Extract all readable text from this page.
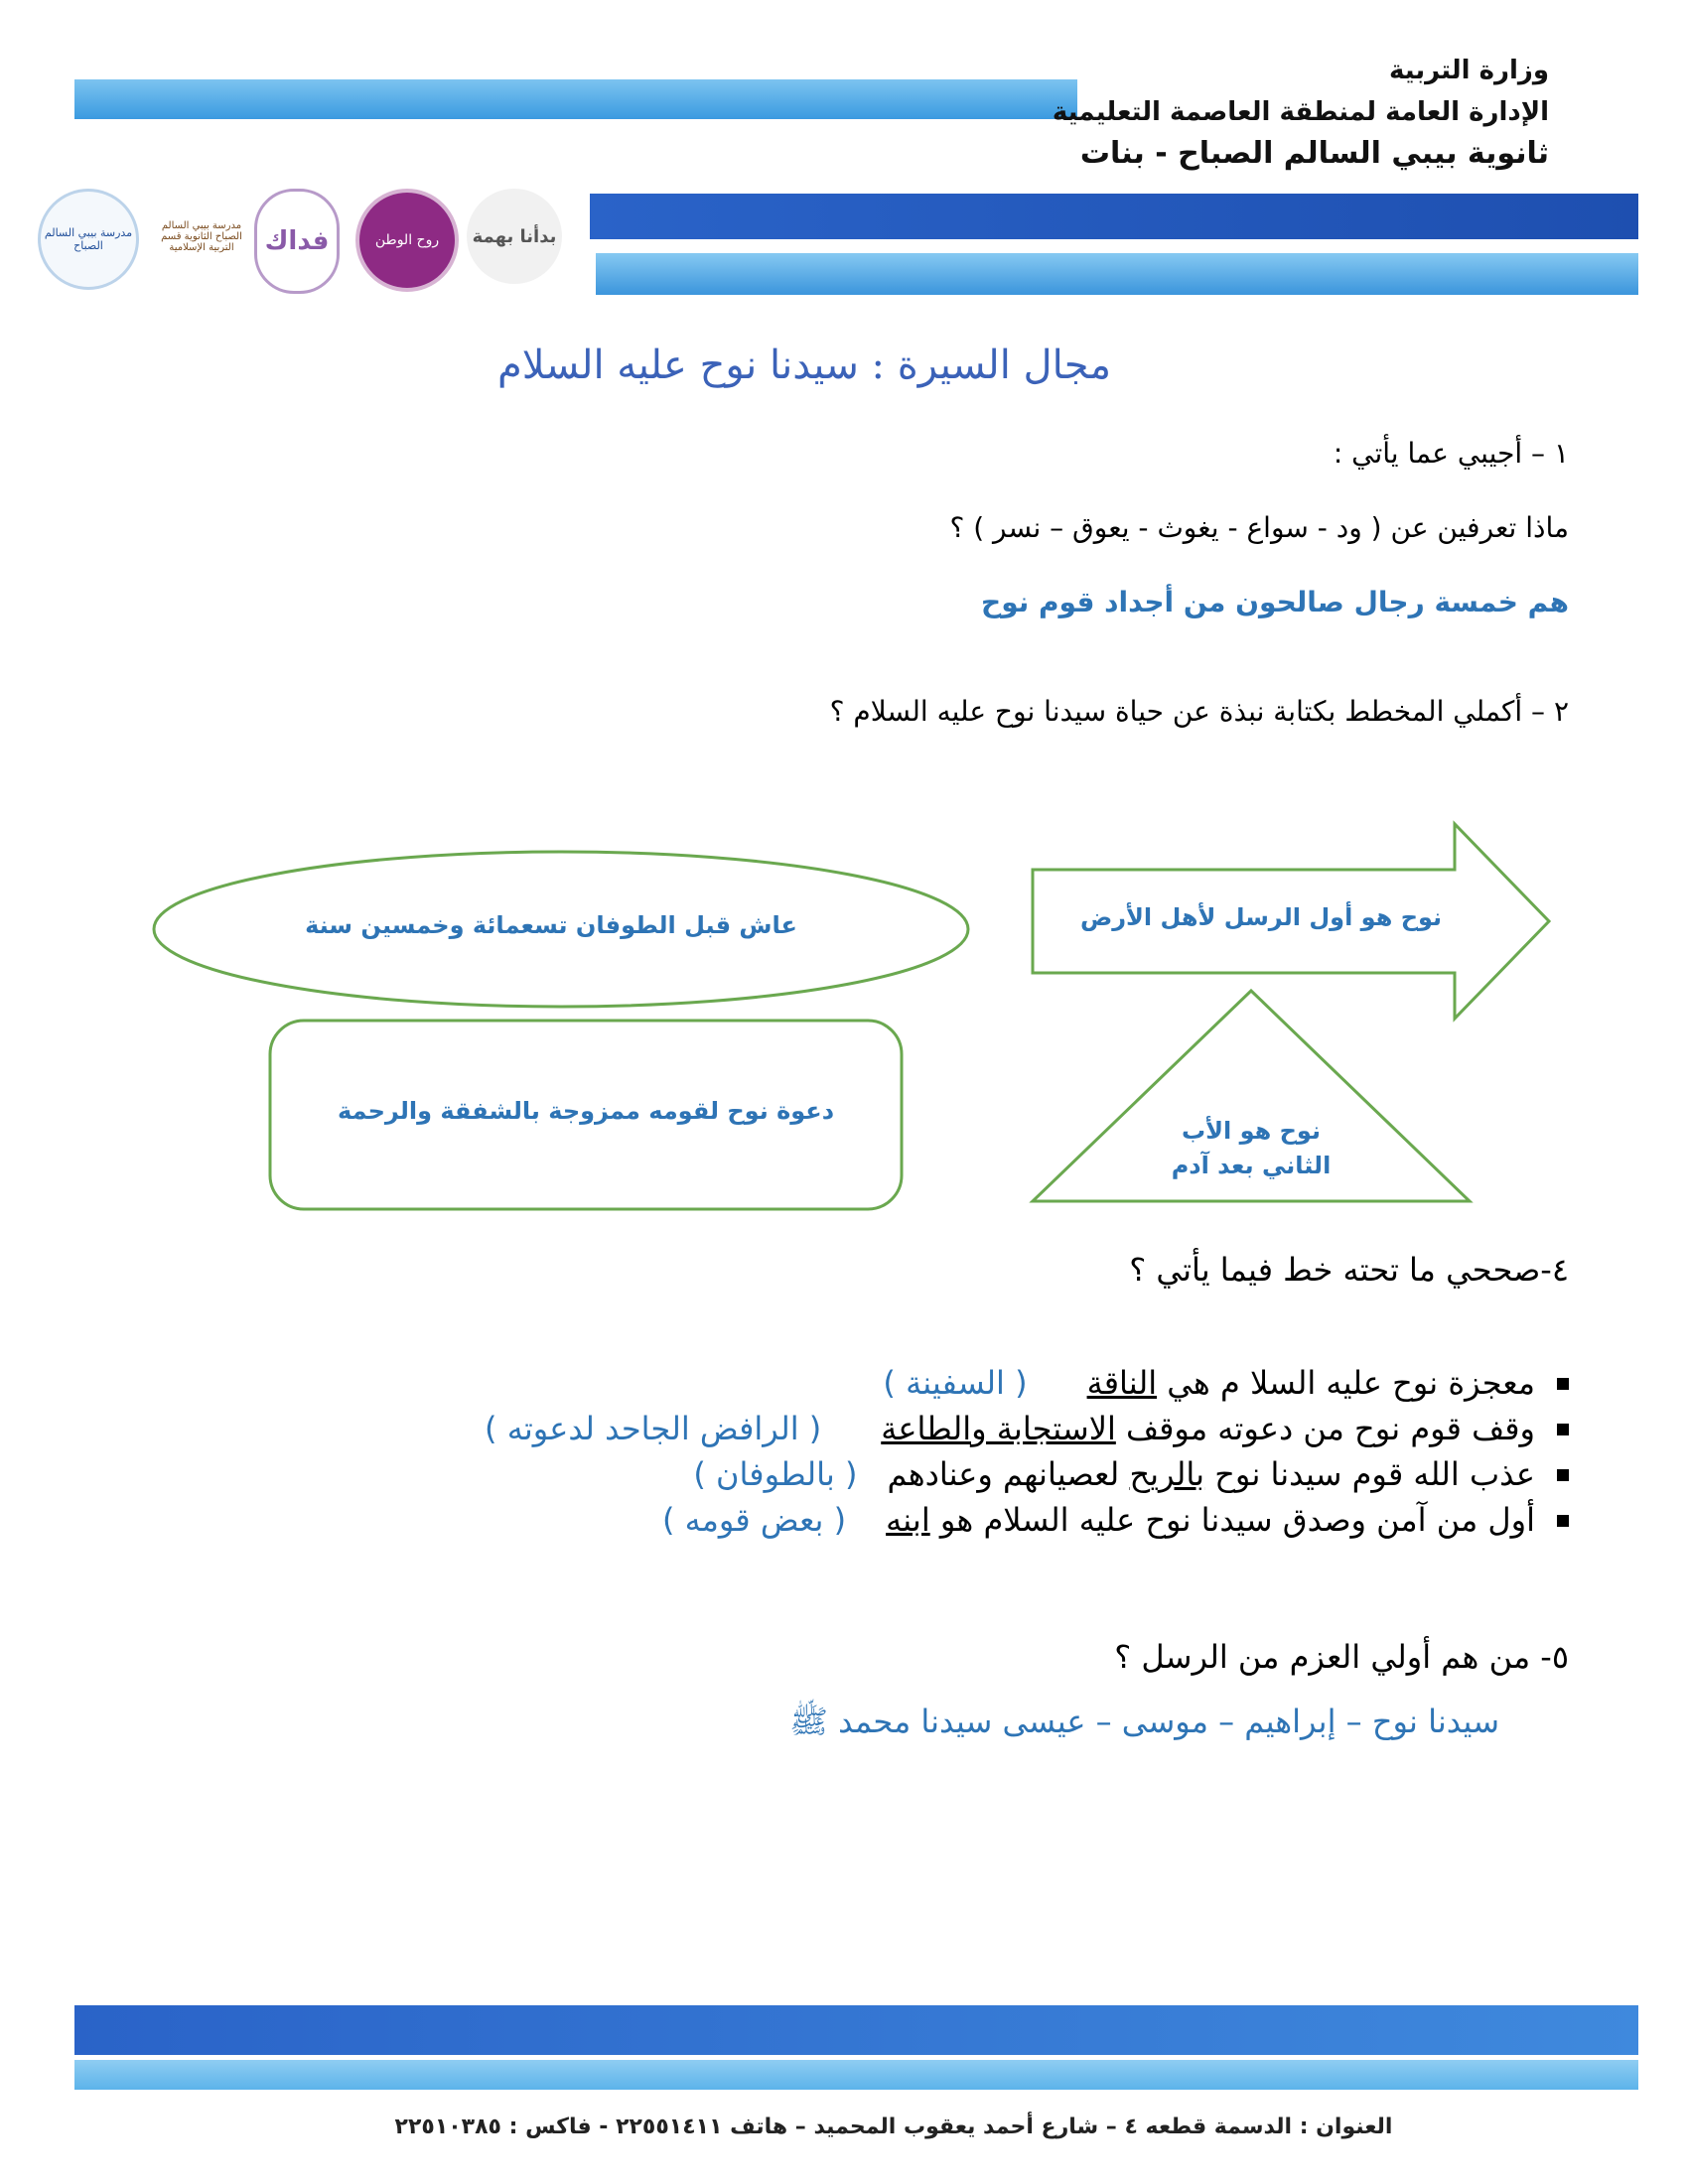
وزارة التربية
الإدارة العامة لمنطقة العاصمة التعليمية
ثانوية بيبي السالم الصباح - بنات
مدرسة بيبي السالم الصباح
مدرسة بيبي السالم الصباح الثانوية قسم التربية الإسلامية	فداك	روح الوطن بدأنا بهمة
مجال السيرة : سيدنا نوح عليه السلام
١ – أجيبي عما يأتي :
ماذا تعرفين عن ( ود - سواع - يغوث - يعوق – نسر ) ؟
هم خمسة رجال صالحون من أجداد قوم نوح
٢ – أكملي المخطط بكتابة نبذة عن حياة سيدنا نوح عليه السلام ؟
نوح هو أول الرسل لأهل الأرض
عاش قبل الطوفان تسعمائة وخمسين سنة
دعوة نوح لقومه ممزوجة بالشفقة والرحمة
نوح هو الأب
الثاني بعد آدم
٤-صححي ما تحته خط فيما يأتي ؟
معجزة نوح عليه السلا م هي الناقة( السفينة )
وقف قوم نوح من دعوته موقف الاستجابة والطاعة( الرافض الجاحد لدعوته )
عذب الله قوم سيدنا نوح بالريح لعصيانهم وعنادهم( بالطوفان )
أول من آمن وصدق سيدنا نوح عليه السلام هو ابنه( بعض قومه )
٥- من هم أولي العزم من الرسل ؟
سيدنا نوح – إبراهيم – موسى – عيسى سيدنا محمد ﷺ
العنوان : الدسمة قطعه ٤ – شارع أحمد يعقوب المحميد – هاتف ٢٢٥٥١٤١١ - فاكس : ٢٢٥١٠٣٨٥
